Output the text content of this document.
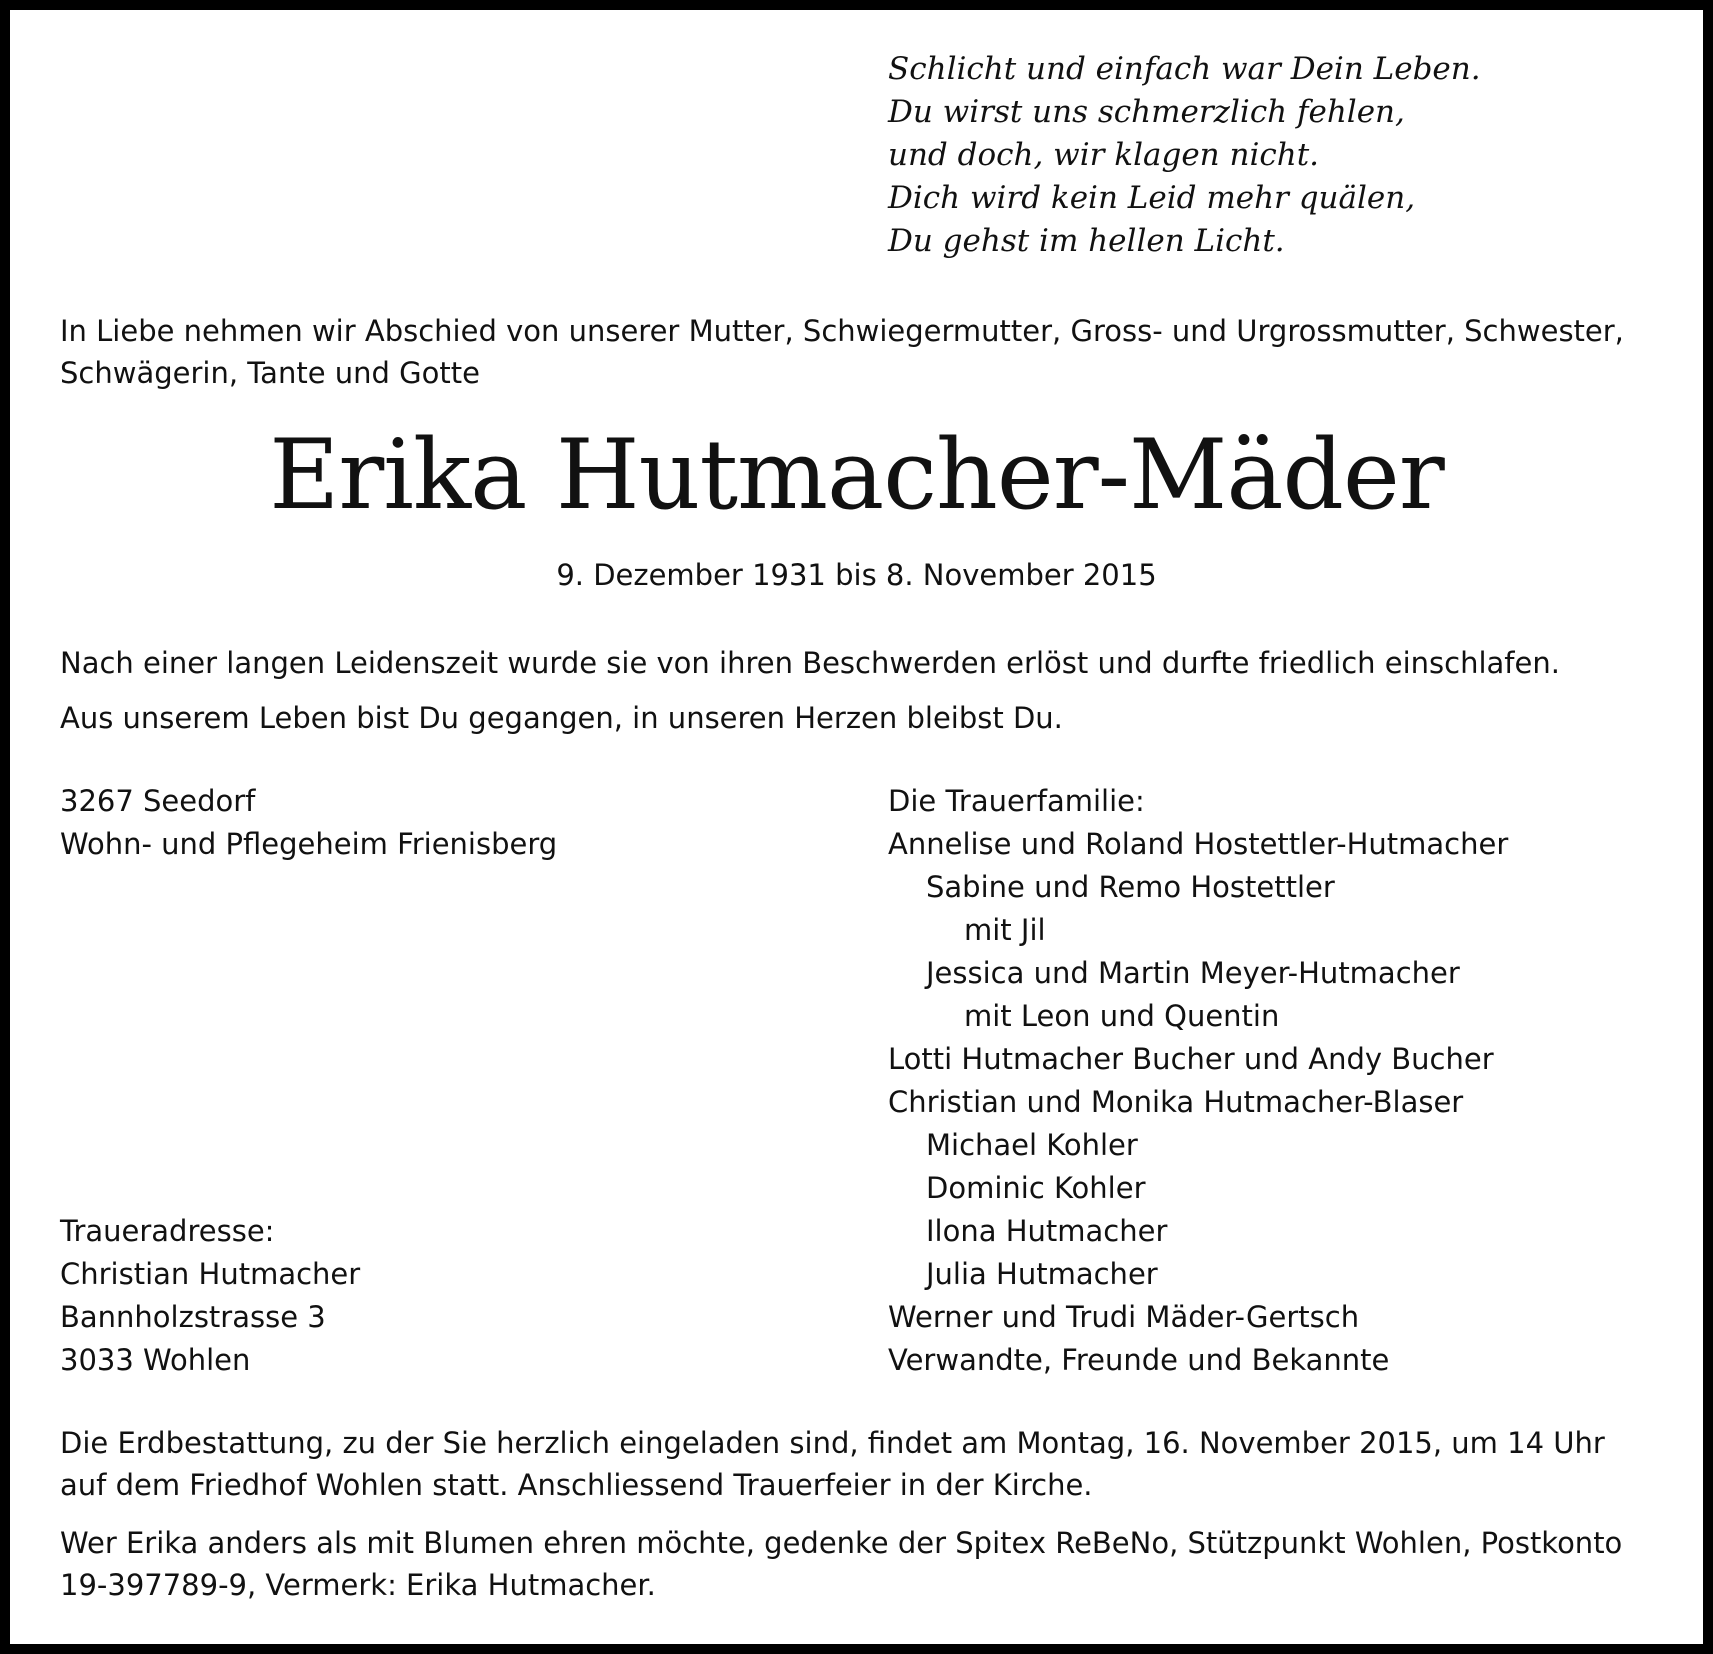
Schlicht und einfach war Dein Leben.
Du wirst uns schmerzlich fehlen,
und doch, wir klagen nicht.
Dich wird kein Leid mehr quälen,
Du gehst im hellen Licht.
In Liebe nehmen wir Abschied von unserer Mutter, Schwiegermutter, Gross- und Urgrossmutter, Schwester,
Schwägerin, Tante und Gotte
Erika Hutmacher-Mäder
9. Dezember 1931 bis 8. November 2015
Nach einer langen Leidenszeit wurde sie von ihren Beschwerden erlöst und durfte friedlich einschlafen.
Aus unserem Leben bist Du gegangen, in unseren Herzen bleibst Du.
3267 Seedorf
Wohn- und Pflegeheim Frienisberg
Traueradresse:
Christian Hutmacher
Bannholzstrasse 3
3033 Wohlen
Die Trauerfamilie:
Annelise und Roland Hostettler-Hutmacher
Sabine und Remo Hostettler
mit Jil
Jessica und Martin Meyer-Hutmacher
mit Leon und Quentin
Lotti Hutmacher Bucher und Andy Bucher
Christian und Monika Hutmacher-Blaser
Michael Kohler
Dominic Kohler
Ilona Hutmacher
Julia Hutmacher
Werner und Trudi Mäder-Gertsch
Verwandte, Freunde und Bekannte
Die Erdbestattung, zu der Sie herzlich eingeladen sind, findet am Montag, 16. November 2015, um 14 Uhr
auf dem Friedhof Wohlen statt. Anschliessend Trauerfeier in der Kirche.
Wer Erika anders als mit Blumen ehren möchte, gedenke der Spitex ReBeNo, Stützpunkt Wohlen, Postkonto
19-397789-9, Vermerk: Erika Hutmacher.
